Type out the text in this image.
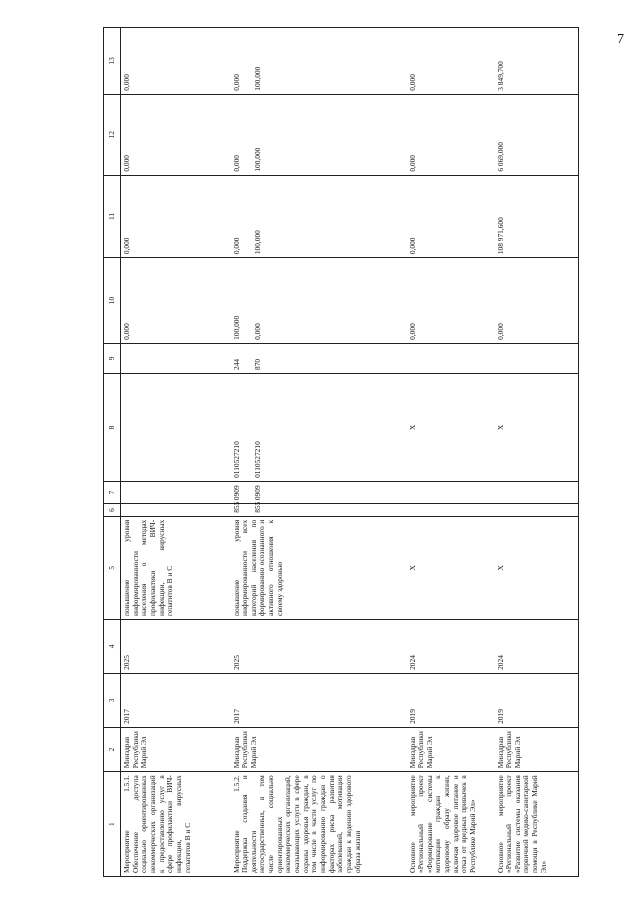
7
1	2	3	4	5	6	7	8	9	10	11	12	13
Мероприятие 1.5.1. Обеспечение доступа социально ориентированных некоммерческих организаций к предоставлению услуг в сфере профилактики ВИЧ-инфекции, вирусных гепатитов В и С	Минздрав Республики Марий Эл	2017	2025	повышение уровня информированности населения о методах профилактики ВИЧ-инфекции, вирусных гепатитов В и С					0,000	0,000	0,000	0,000
Мероприятие 1.5.2. Поддержка создания и деятельности негосударственных, в том числе социально ориентированных некоммерческих организаций, оказывающих услуги в сфере охраны здоровья граждан, в том числе в части услуг по информированию граждан о факторах риска развития заболеваний, мотивации граждан к ведению здорового образа жизни	Минздрав Республики Марий Эл	2017	2025	повышение уровня информированности всех категорий населения по формированию осознанного и активного отношения к своему здоровью	855	0909	0110527210	244	100,000	0,000	0,000	0,000
					855	0909	0110527210	870	0,000	100,000	100,000	100,000
Основное мероприятие «Региональный проект «Формирование системы мотивации граждан к здоровому образу жизни, включая здоровое питание и отказ от вредных привычек в Республике Марий Эл»	Минздрав Республики Марий Эл	2019	2024	Х			Х		0,000	0,000	0,000	0,000
Основное мероприятие «Региональный проект «Развитие системы оказания первичной медико-санитарной помощи в Республике Марий Эл»	Минздрав Республики Марий Эл	2019	2024	Х			Х		0,000	108 971,600	6 069,000	3 849,700
